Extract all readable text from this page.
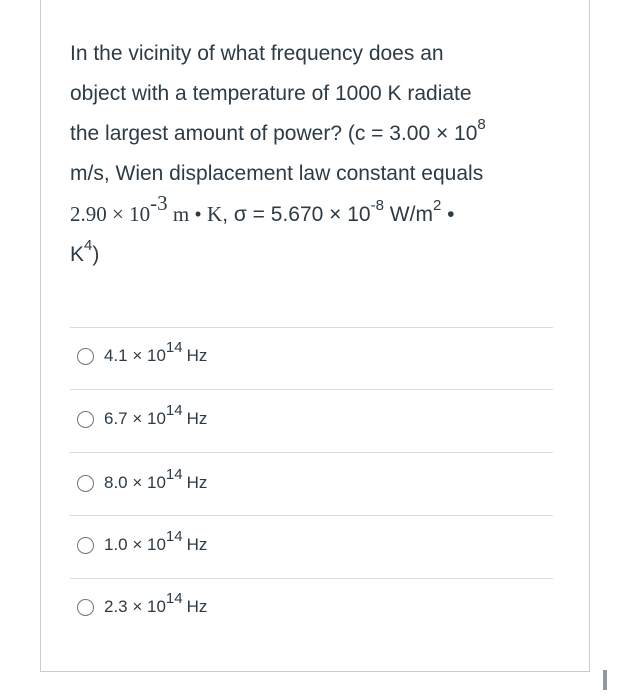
In the vicinity of what frequency does an
object with a temperature of 1000 K radiate
the largest amount of power? ($c = 3.00 \times 10^8$
m/s, Wien displacement law constant equals
$2.90 \times 10^{-3}$ m • K, $\sigma = 5.670 \times 10^{-8}$ $W/m^2$ •
$K^4$)
$4.1 \times 10^{14}$ Hz
$6.7 \times 10^{14}$ Hz
$8.0 \times 10^{14}$ Hz
$1.0 \times 10^{14}$ Hz
$2.3 \times 10^{14}$ Hz
